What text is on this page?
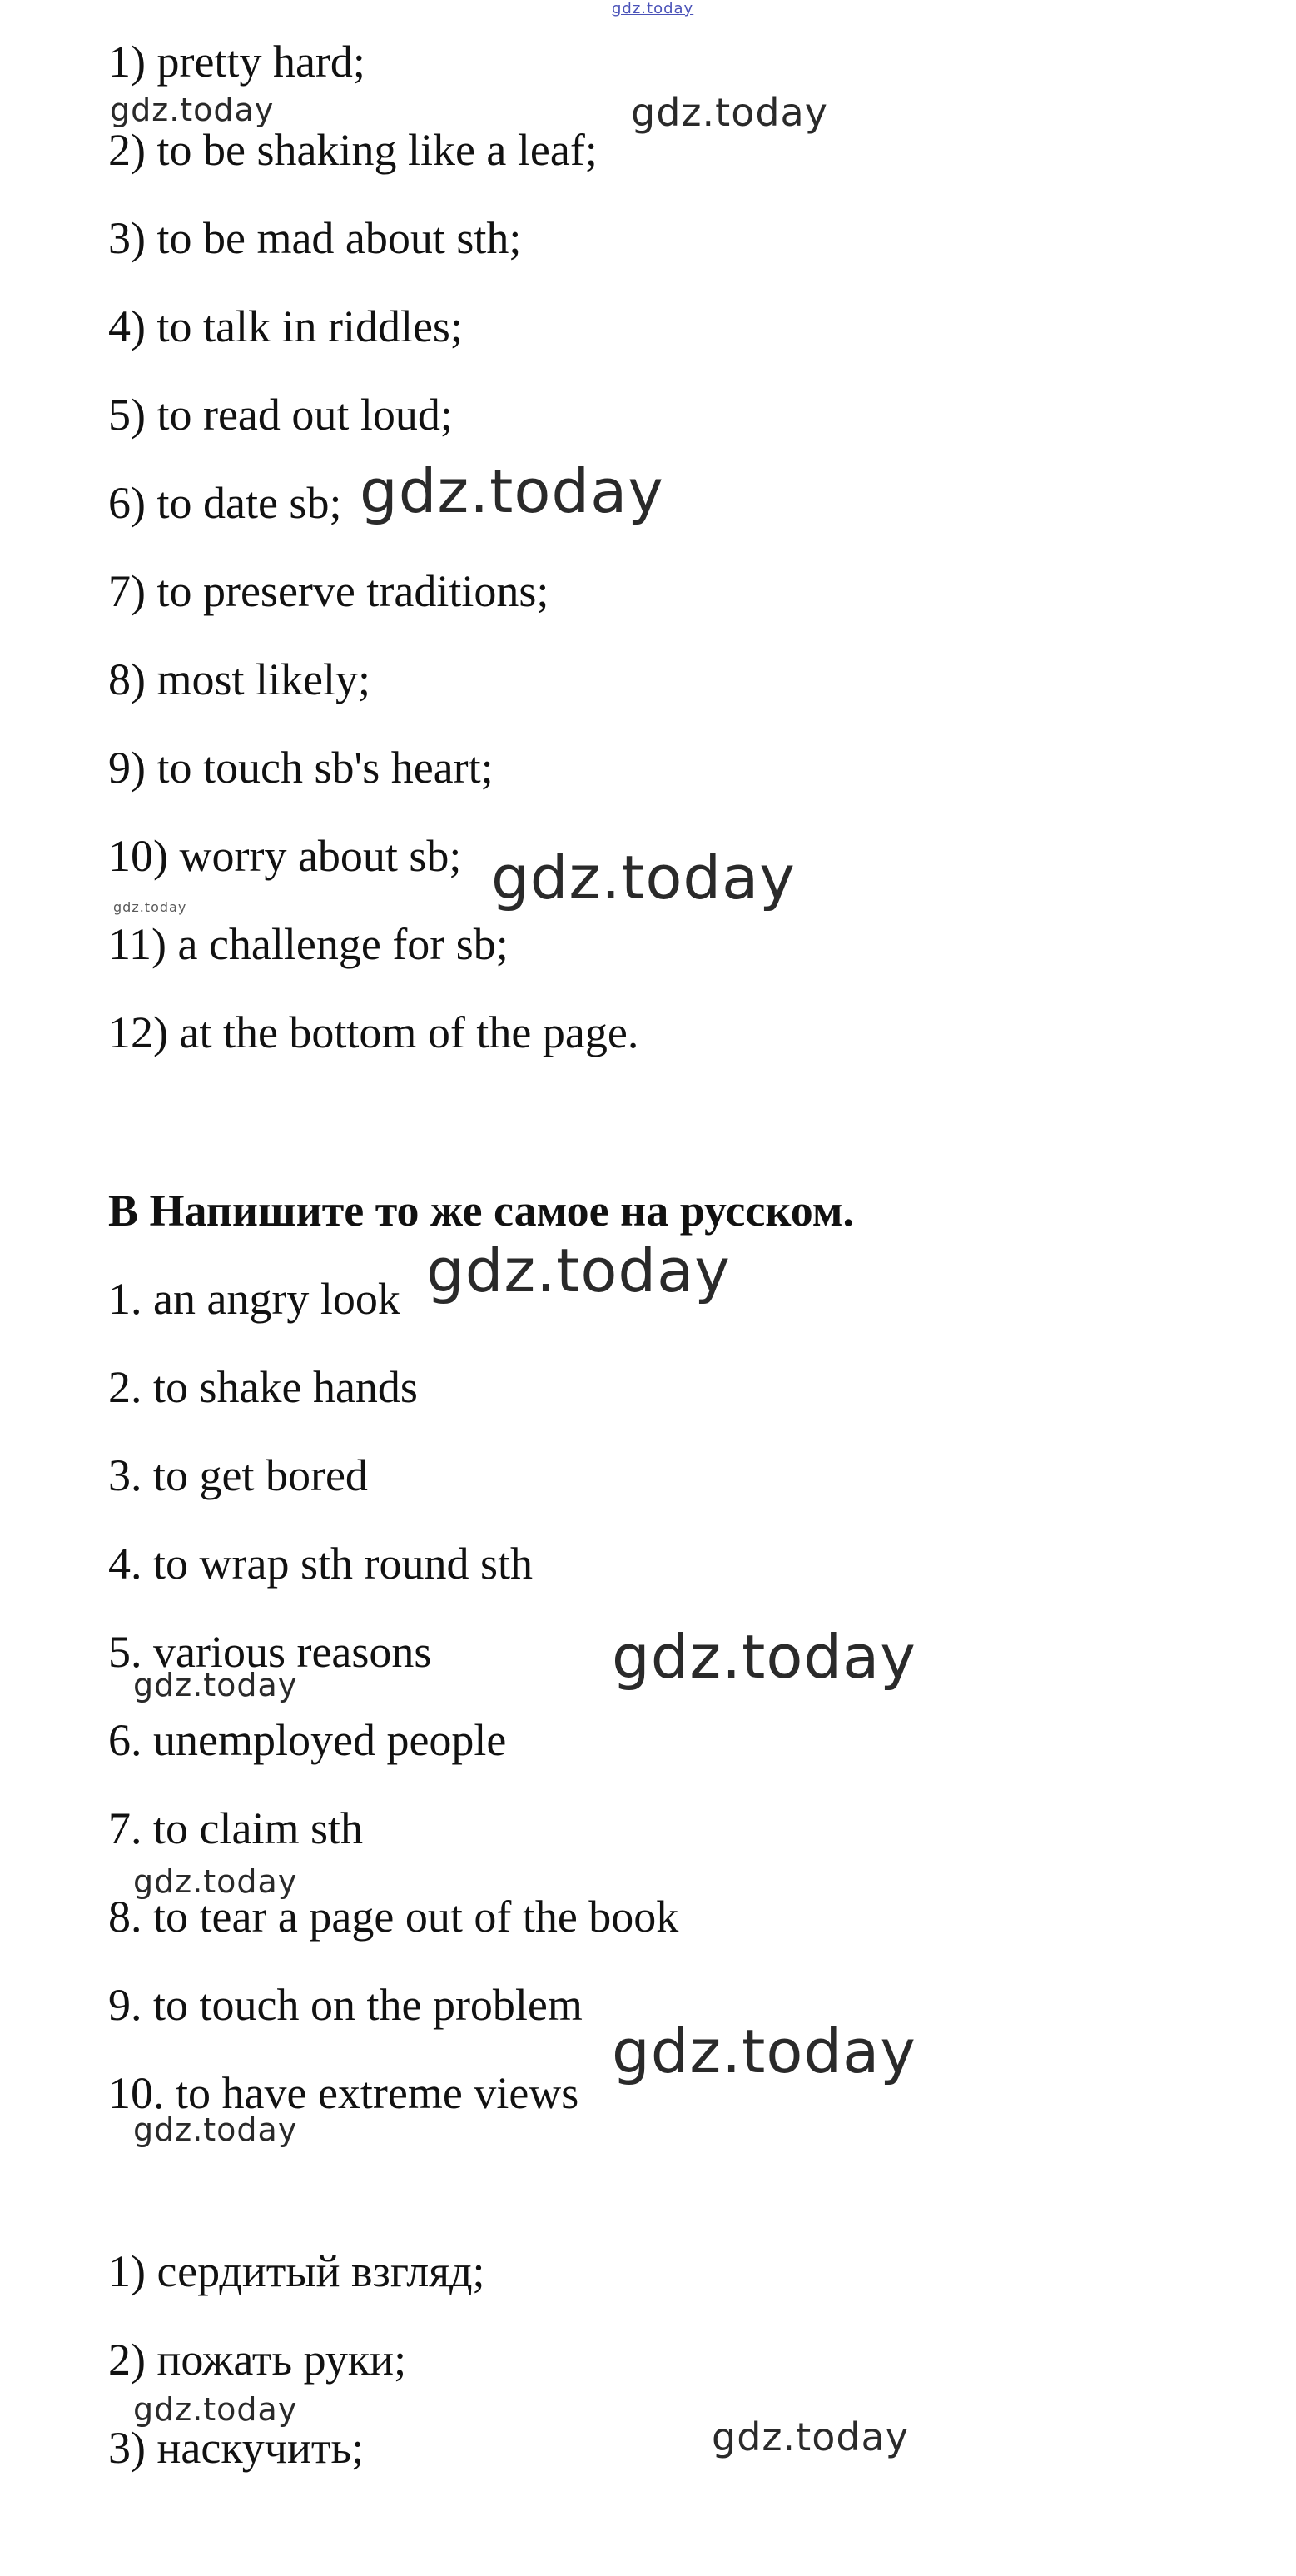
gdz.today
1) pretty hard;
2) to be shaking like a leaf;
3) to be mad about sth;
4) to talk in riddles;
5) to read out loud;
6) to date sb;
7) to preserve traditions;
8) most likely;
9) to touch sb's heart;
10) worry about sb;
11) a challenge for sb;
12) at the bottom of the page.
B Напишите то же самое на русском.
1. an angry look
2. to shake hands
3. to get bored
4. to wrap sth round sth
5. various reasons
6. unemployed people
7. to claim sth
8. to tear a page out of the book
9. to touch on the problem
10. to have extreme views
1) сердитый взгляд;
2) пожать руки;
3) наскучить;
gdz.today	gdz.today
gdz.today
gdz.today
gdz.today
gdz.today
gdz.today
gdz.today
gdz.today
gdz.today
gdz.today
gdz.today
gdz.today
